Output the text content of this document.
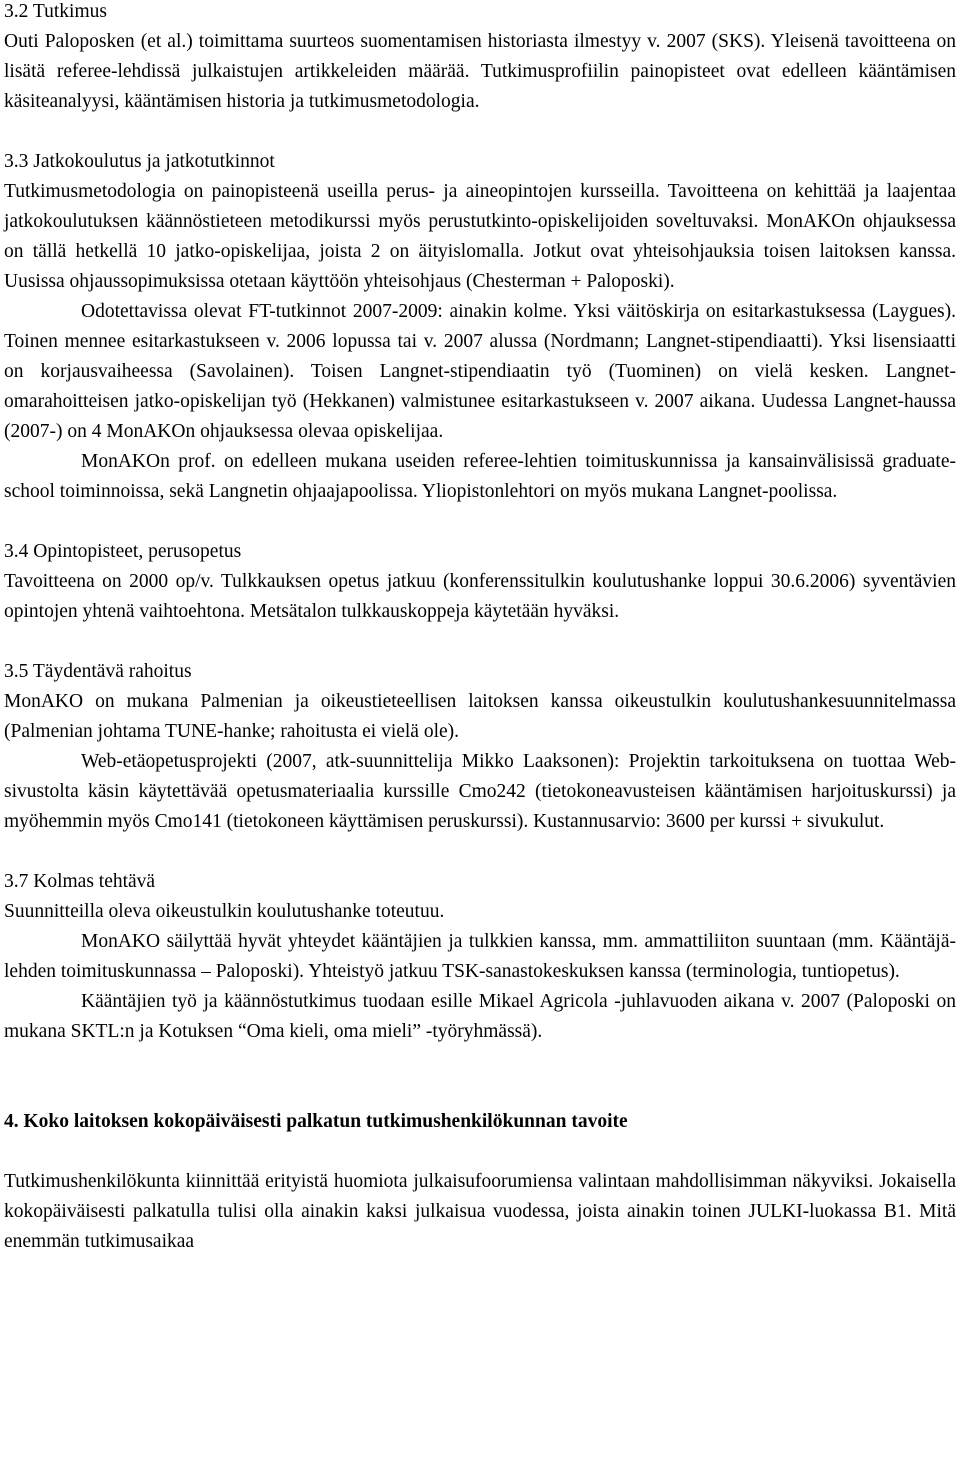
3.2 Tutkimus
Outi Paloposken (et al.) toimittama suurteos suomentamisen historiasta ilmestyy v. 2007 (SKS). Yleisenä tavoitteena on lisätä referee-lehdissä julkaistujen artikkeleiden määrää. Tutkimusprofiilin painopisteet ovat edelleen kääntämisen käsiteanalyysi, kääntämisen historia ja tutkimusmetodologia.
3.3 Jatkokoulutus ja jatkotutkinnot
Tutkimusmetodologia on painopisteenä useilla perus- ja aineopintojen kursseilla. Tavoitteena on kehittää ja laajentaa jatkokoulutuksen käännöstieteen metodikurssi myös perustutkinto-opiskelijoiden soveltuvaksi. MonAKOn ohjauksessa on tällä hetkellä 10 jatko-opiskelijaa, joista 2 on äityislomalla. Jotkut ovat yhteisohjauksia toisen laitoksen kanssa. Uusissa ohjaussopimuksissa otetaan käyttöön yhteisohjaus (Chesterman + Paloposki).
Odotettavissa olevat FT-tutkinnot 2007-2009: ainakin kolme. Yksi väitöskirja on esitarkastuksessa (Laygues). Toinen mennee esitarkastukseen v. 2006 lopussa tai v. 2007 alussa (Nordmann; Langnet-stipendiaatti). Yksi lisensiaatti on korjausvaiheessa (Savolainen). Toisen Langnet-stipendiaatin työ (Tuominen) on vielä kesken. Langnet-omarahoitteisen jatko-opiskelijan työ (Hekkanen) valmistunee esitarkastukseen v. 2007 aikana. Uudessa Langnet-haussa (2007-) on 4 MonAKOn ohjauksessa olevaa opiskelijaa.
MonAKOn prof. on edelleen mukana useiden referee-lehtien toimituskunnissa ja kansainvälisissä graduate-school toiminnoissa, sekä Langnetin ohjaajapoolissa. Yliopistonlehtori on myös mukana Langnet-poolissa.
3.4 Opintopisteet, perusopetus
Tavoitteena on 2000 op/v. Tulkkauksen opetus jatkuu (konferenssitulkin koulutushanke loppui 30.6.2006) syventävien opintojen yhtenä vaihtoehtona. Metsätalon tulkkauskoppeja käytetään hyväksi.
3.5 Täydentävä rahoitus
MonAKO on mukana Palmenian ja oikeustieteellisen laitoksen kanssa oikeustulkin koulutushankesuunnitelmassa (Palmenian johtama TUNE-hanke; rahoitusta ei vielä ole).
Web-etäopetusprojekti (2007, atk-suunnittelija Mikko Laaksonen): Projektin tarkoituksena on tuottaa Web-sivustolta käsin käytettävää opetusmateriaalia kurssille Cmo242 (tietokoneavusteisen kääntämisen harjoituskurssi) ja myöhemmin myös Cmo141 (tietokoneen käyttämisen peruskurssi). Kustannusarvio: 3600 per kurssi + sivukulut.
3.7 Kolmas tehtävä
Suunnitteilla oleva oikeustulkin koulutushanke toteutuu.
MonAKO säilyttää hyvät yhteydet kääntäjien ja tulkkien kanssa, mm. ammattiliiton suuntaan (mm. Kääntäjä-lehden toimituskunnassa – Paloposki). Yhteistyö jatkuu TSK-sanastokeskuksen kanssa (terminologia, tuntiopetus).
Kääntäjien työ ja käännöstutkimus tuodaan esille Mikael Agricola -juhlavuoden aikana v. 2007 (Paloposki on mukana SKTL:n ja Kotuksen “Oma kieli, oma mieli” -työryhmässä).
4. Koko laitoksen kokopäiväisesti palkatun tutkimushenkilökunnan tavoite
Tutkimushenkilökunta kiinnittää erityistä huomiota julkaisufoorumiensa valintaan mahdollisimman näkyviksi. Jokaisella kokopäiväisesti palkatulla tulisi olla ainakin kaksi julkaisua vuodessa, joista ainakin toinen JULKI-luokassa B1. Mitä enemmän tutkimusaikaa
